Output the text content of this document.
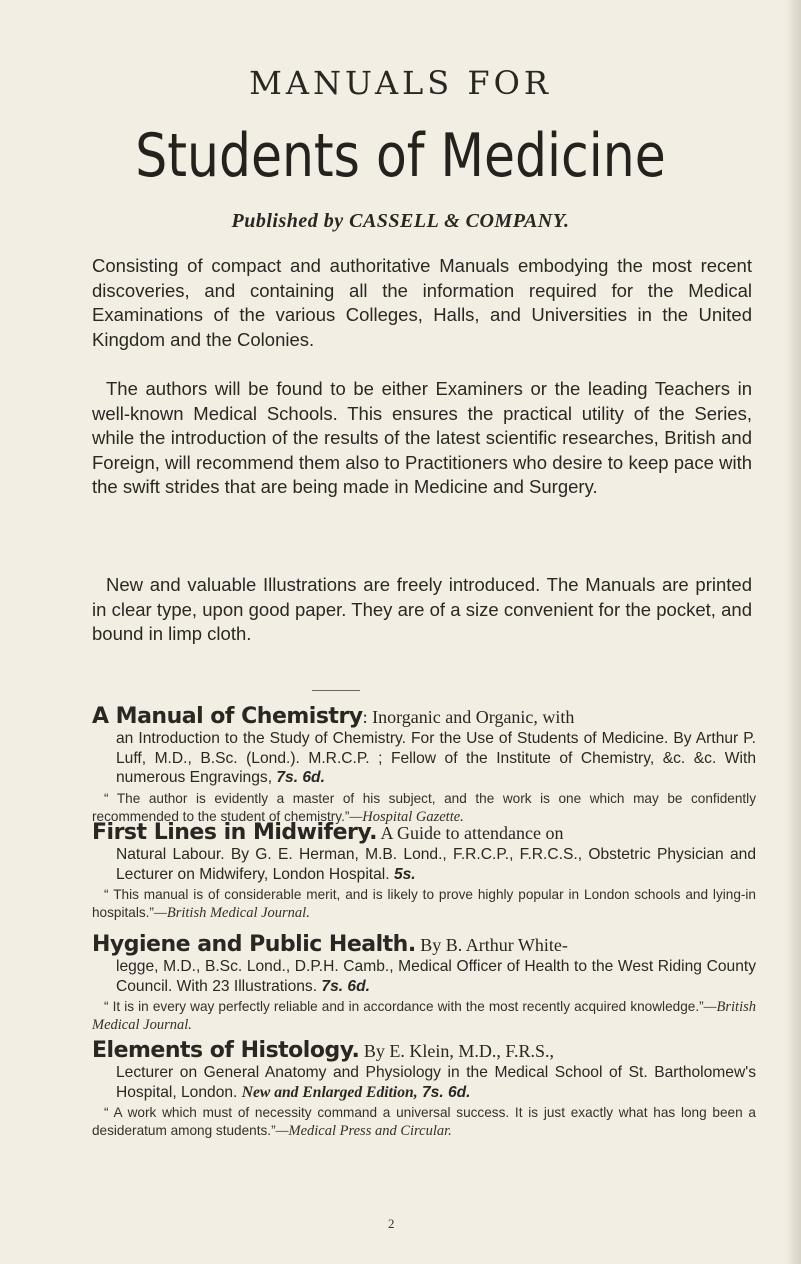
MANUALS FOR
Students of Medicine
Published by CASSELL & COMPANY.

Consisting of compact and authoritative Manuals embodying the most recent discoveries, and containing all the information required for the Medical Examinations of the various Colleges, Halls, and Universities in the United Kingdom and the Colonies.

The authors will be found to be either Examiners or the leading Teachers in well-known Medical Schools. This ensures the practical utility of the Series, while the introduction of the results of the latest scientific researches, British and Foreign, will recommend them also to Practitioners who desire to keep pace with the swift strides that are being made in Medicine and Surgery.

New and valuable Illustrations are freely introduced. The Manuals are printed in clear type, upon good paper. They are of a size convenient for the pocket, and bound in limp cloth.

A Manual of Chemistry: Inorganic and Organic, with

an Introduction to the Study of Chemistry. For the Use of Students of Medicine. By Arthur P. Luff, M.D., B.Sc. (Lond.). M.R.C.P. ; Fellow of the Institute of Chemistry, &c. &c. With numerous Engravings, 7s. 6d.

“ The author is evidently a master of his subject, and the work is one which may be confidently recommended to the student of chemistry.”—Hospital Gazette.

First Lines in Midwifery. A Guide to attendance on

Natural Labour. By G. E. Herman, M.B. Lond., F.R.C.P., F.R.C.S., Obstetric Physician and Lecturer on Midwifery, London Hospital. 5s.

“ This manual is of considerable merit, and is likely to prove highly popular in London schools and lying-in hospitals.”—British Medical Journal.

Hygiene and Public Health. By B. Arthur White-

legge, M.D., B.Sc. Lond., D.P.H. Camb., Medical Officer of Health to the West Riding County Council. With 23 Illustrations. 7s. 6d.

“ It is in every way perfectly reliable and in accordance with the most recently acquired knowledge.”—British Medical Journal.

Elements of Histology. By E. Klein, M.D., F.R.S.,

Lecturer on General Anatomy and Physiology in the Medical School of St. Bartholomew's Hospital, London. New and Enlarged Edition, 7s. 6d.

“ A work which must of necessity command a universal success. It is just exactly what has long been a desideratum among students.”—Medical Press and Circular.

2
